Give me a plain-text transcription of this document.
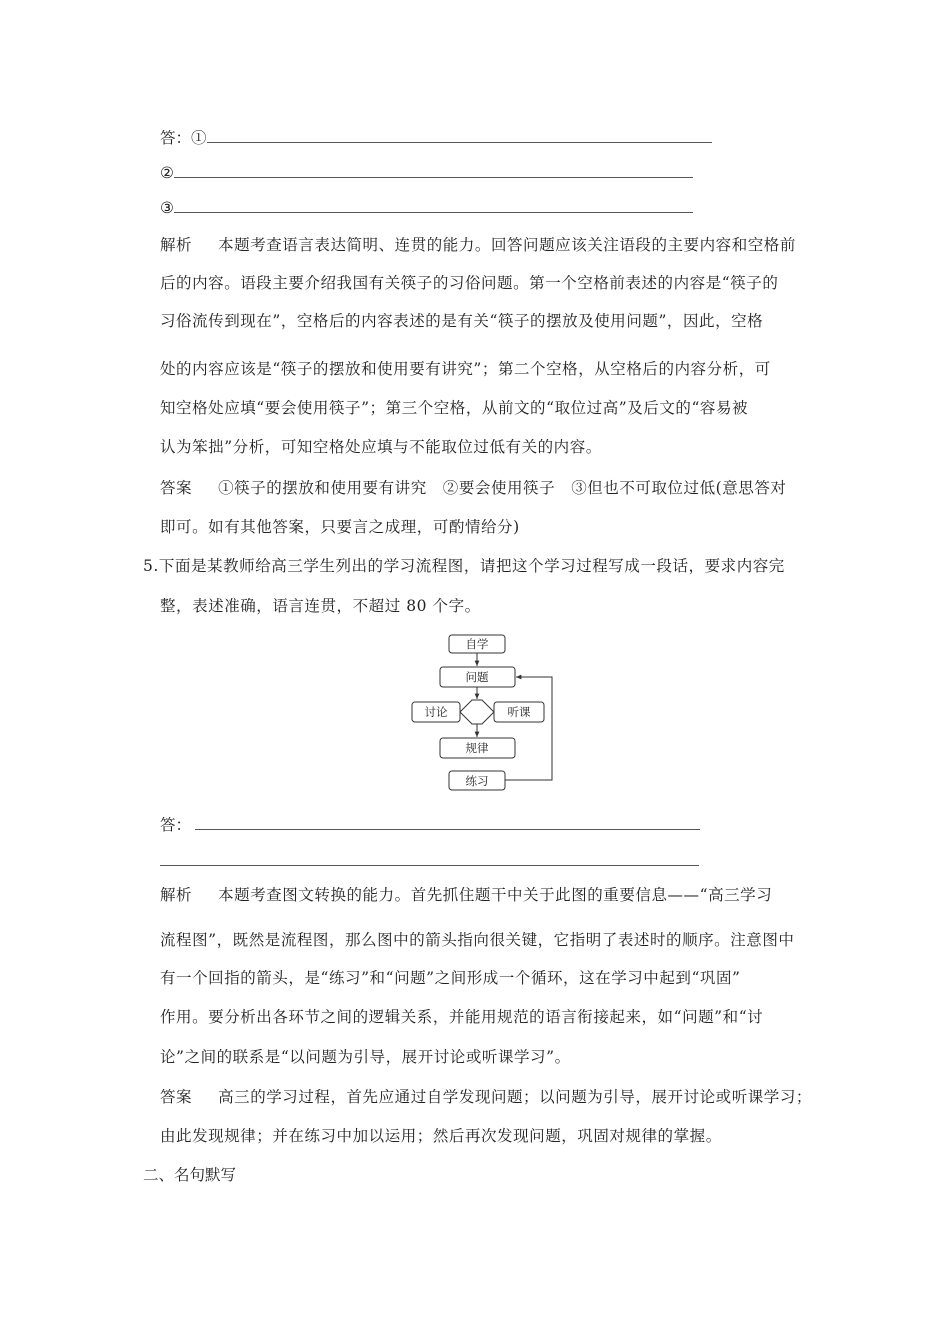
答：①
②
③
解析 本题考查语言表达简明、连贯的能力。回答问题应该关注语段的主要内容和空格前
后的内容。语段主要介绍我国有关筷子的习俗问题。第一个空格前表述的内容是“筷子的
习俗流传到现在”，空格后的内容表述的是有关“筷子的摆放及使用问题”，因此，空格
处的内容应该是“筷子的摆放和使用要有讲究”；第二个空格，从空格后的内容分析，可
知空格处应填“要会使用筷子”；第三个空格，从前文的“取位过高”及后文的“容易被
认为笨拙”分析，可知空格处应填与不能取位过低有关的内容。
答案 ①筷子的摆放和使用要有讲究　②要会使用筷子　③但也不可取位过低(意思答对
即可。如有其他答案，只要言之成理，可酌情给分)
5.下面是某教师给高三学生列出的学习流程图，请把这个学习过程写成一段话，要求内容完
整，表述准确，语言连贯，不超过 80 个字。
自学
问题
讨论	听课
规律
练习
答：
解析 本题考查图文转换的能力。首先抓住题干中关于此图的重要信息——“高三学习
流程图”，既然是流程图，那么图中的箭头指向很关键，它指明了表述时的顺序。注意图中
有一个回指的箭头，是“练习”和“问题”之间形成一个循环，这在学习中起到“巩固”
作用。要分析出各环节之间的逻辑关系，并能用规范的语言衔接起来，如“问题”和“讨
论”之间的联系是“以问题为引导，展开讨论或听课学习”。
答案 高三的学习过程，首先应通过自学发现问题；以问题为引导，展开讨论或听课学习；
由此发现规律；并在练习中加以运用；然后再次发现问题，巩固对规律的掌握。
二、名句默写
